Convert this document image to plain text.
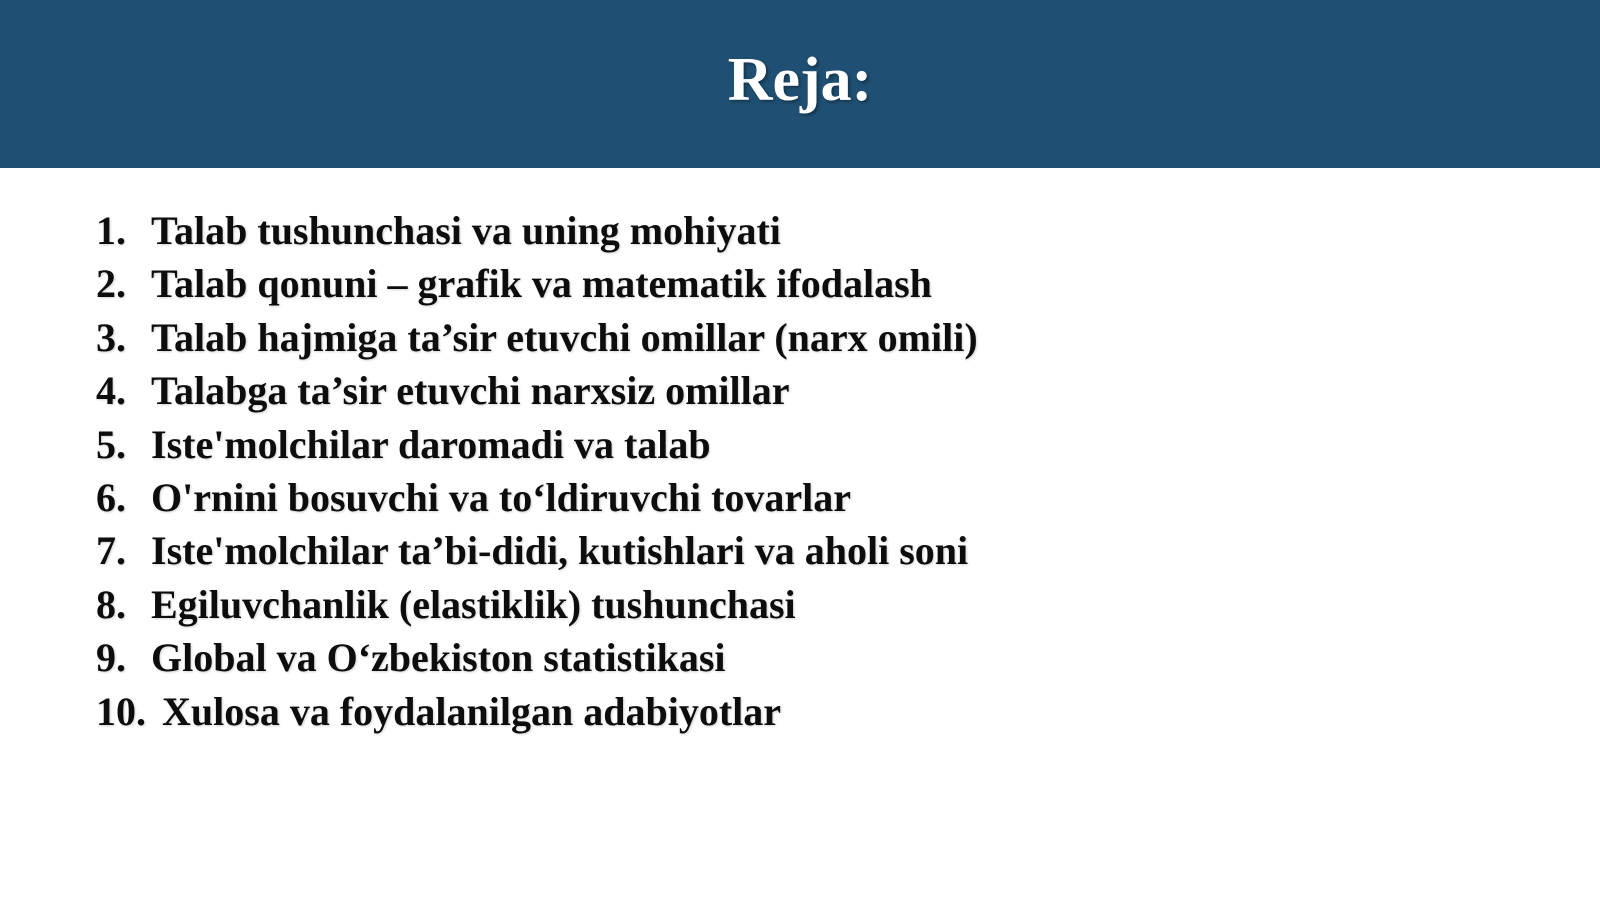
Reja:
1. Talab tushunchasi va uning mohiyati
2. Talab qonuni – grafik va matematik ifodalash
3. Talab hajmiga ta’sir etuvchi omillar (narx omili)
4. Talabga ta’sir etuvchi narxsiz omillar
5. Iste'molchilar daromadi va talab
6. O'rnini bosuvchi va to‘ldiruvchi tovarlar
7. Iste'molchilar ta’bi-didi, kutishlari va aholi soni
8. Egiluvchanlik (elastiklik) tushunchasi
9. Global va O‘zbekiston statistikasi
10. Xulosa va foydalanilgan adabiyotlar
